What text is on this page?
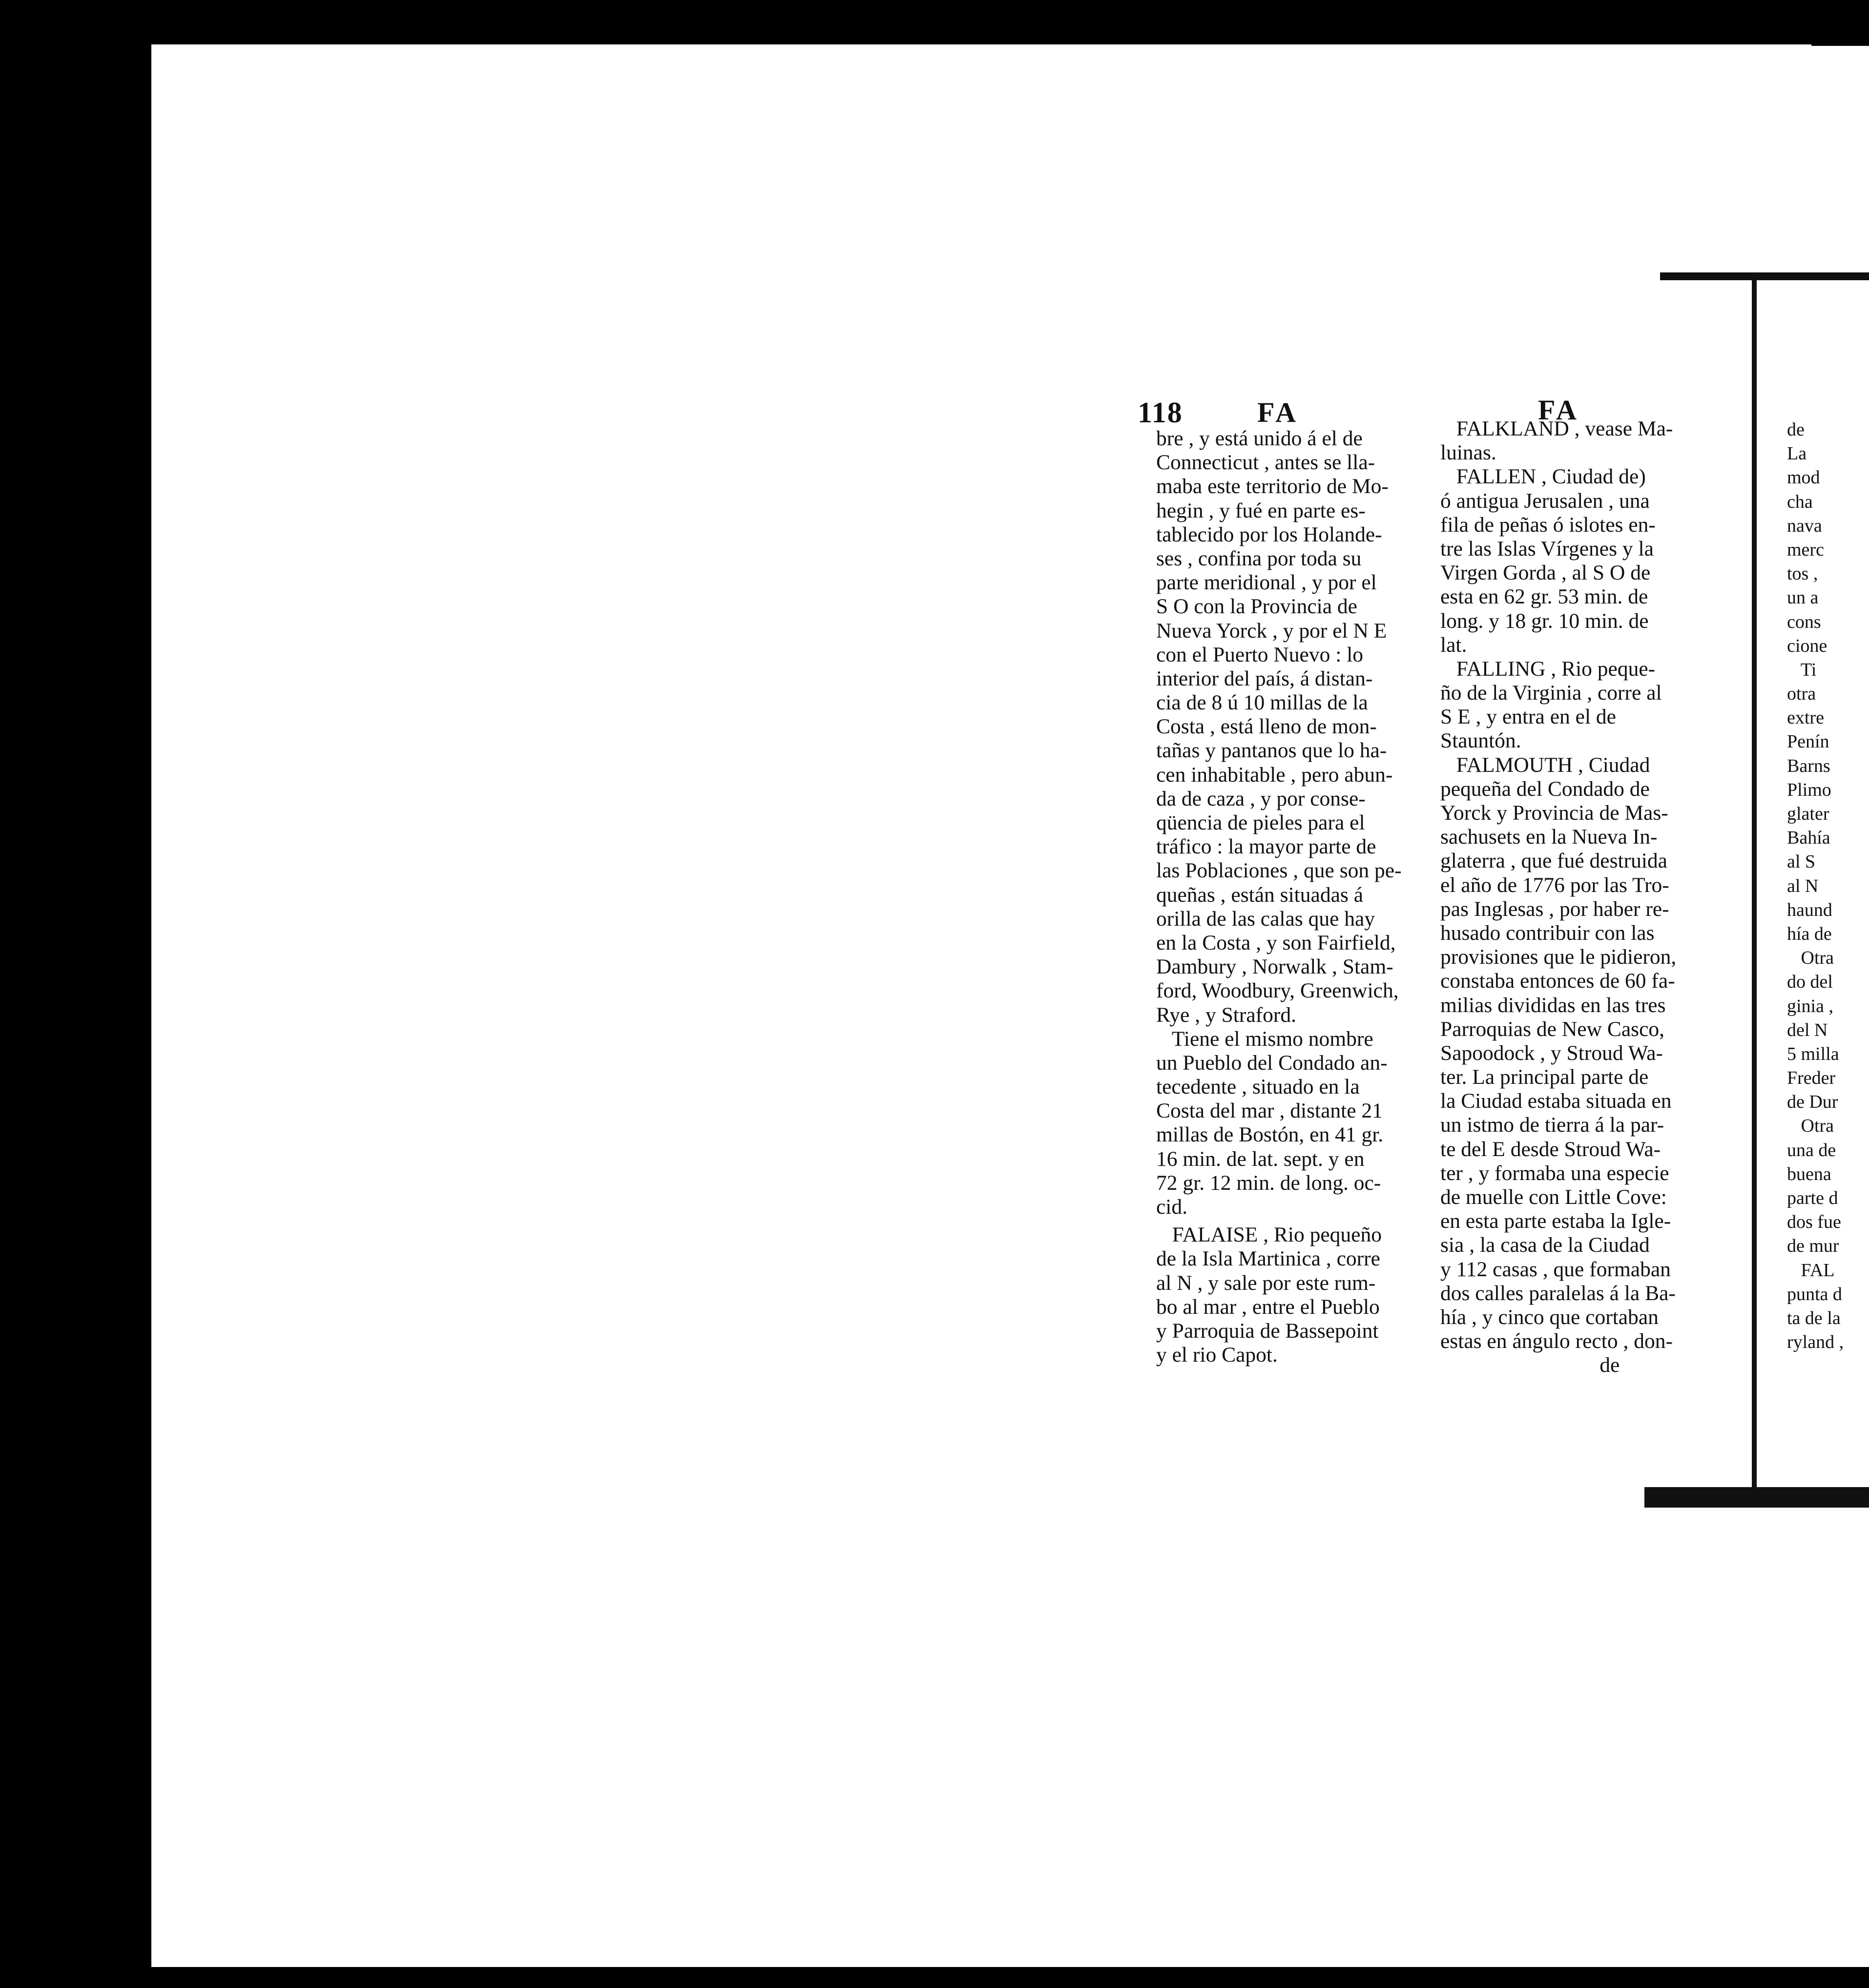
118	FA	FA
bre , y está unido á el de
Connecticut , antes se lla-
maba este territorio de Mo-
hegin , y fué en parte es-
tablecido por los Holande-
ses , confina por toda su
parte meridional , y por el
S O con la Provincia de
Nueva Yorck , y por el N E
con el Puerto Nuevo : lo
interior del país, á distan-
cia de 8 ú 10 millas de la
Costa , está lleno de mon-
tañas y pantanos que lo ha-
cen inhabitable , pero abun-
da de caza , y por conse-
qüencia de pieles para el
tráfico : la mayor parte de
las Poblaciones , que son pe-
queñas , están situadas á
orilla de las calas que hay
en la Costa , y son Fairfield,
Dambury , Norwalk , Stam-
ford, Woodbury, Greenwich,
Rye , y Straford.
Tiene el mismo nombre
un Pueblo del Condado an-
tecedente , situado en la
Costa del mar , distante 21
millas de Bostón, en 41 gr.
16 min. de lat. sept. y en
72 gr. 12 min. de long. oc-
cid.
FALAISE , Rio pequeño
de la Isla Martinica , corre
al N , y sale por este rum-
bo al mar , entre el Pueblo
y Parroquia de Bassepoint
y el rio Capot.
FALKLAND , vease Ma-
luinas.
FALLEN , Ciudad de)
ó antigua Jerusalen , una
fila de peñas ó islotes en-
tre las Islas Vírgenes y la
Virgen Gorda , al S O de
esta en 62 gr. 53 min. de
long. y 18 gr. 10 min. de
lat.
FALLING , Rio peque-
ño de la Virginia , corre al
S E , y entra en el de
Stauntón.
FALMOUTH , Ciudad
pequeña del Condado de
Yorck y Provincia de Mas-
sachusets en la Nueva In-
glaterra , que fué destruida
el año de 1776 por las Tro-
pas Inglesas , por haber re-
husado contribuir con las
provisiones que le pidieron,
constaba entonces de 60 fa-
milias divididas en las tres
Parroquias de New Casco,
Sapoodock , y Stroud Wa-
ter. La principal parte de
la Ciudad estaba situada en
un istmo de tierra á la par-
te del E desde Stroud Wa-
ter , y formaba una especie
de muelle con Little Cove:
en esta parte estaba la Igle-
sia , la casa de la Ciudad
y 112 casas , que formaban
dos calles paralelas á la Ba-
hía , y cinco que cortaban
estas en ángulo recto , don-
de
de
La
mod
cha
nava
merc
tos ,
un a
cons
cione
Ti
otra
extre
Penín
Barns
Plimo
glater
Bahía
al S
al N
haund
hía de
Otra
do del
ginia ,
del N
5 milla
Freder
de Dur
Otra
una de
buena
parte d
dos fue
de mur
FAL
punta d
ta de la
ryland ,
